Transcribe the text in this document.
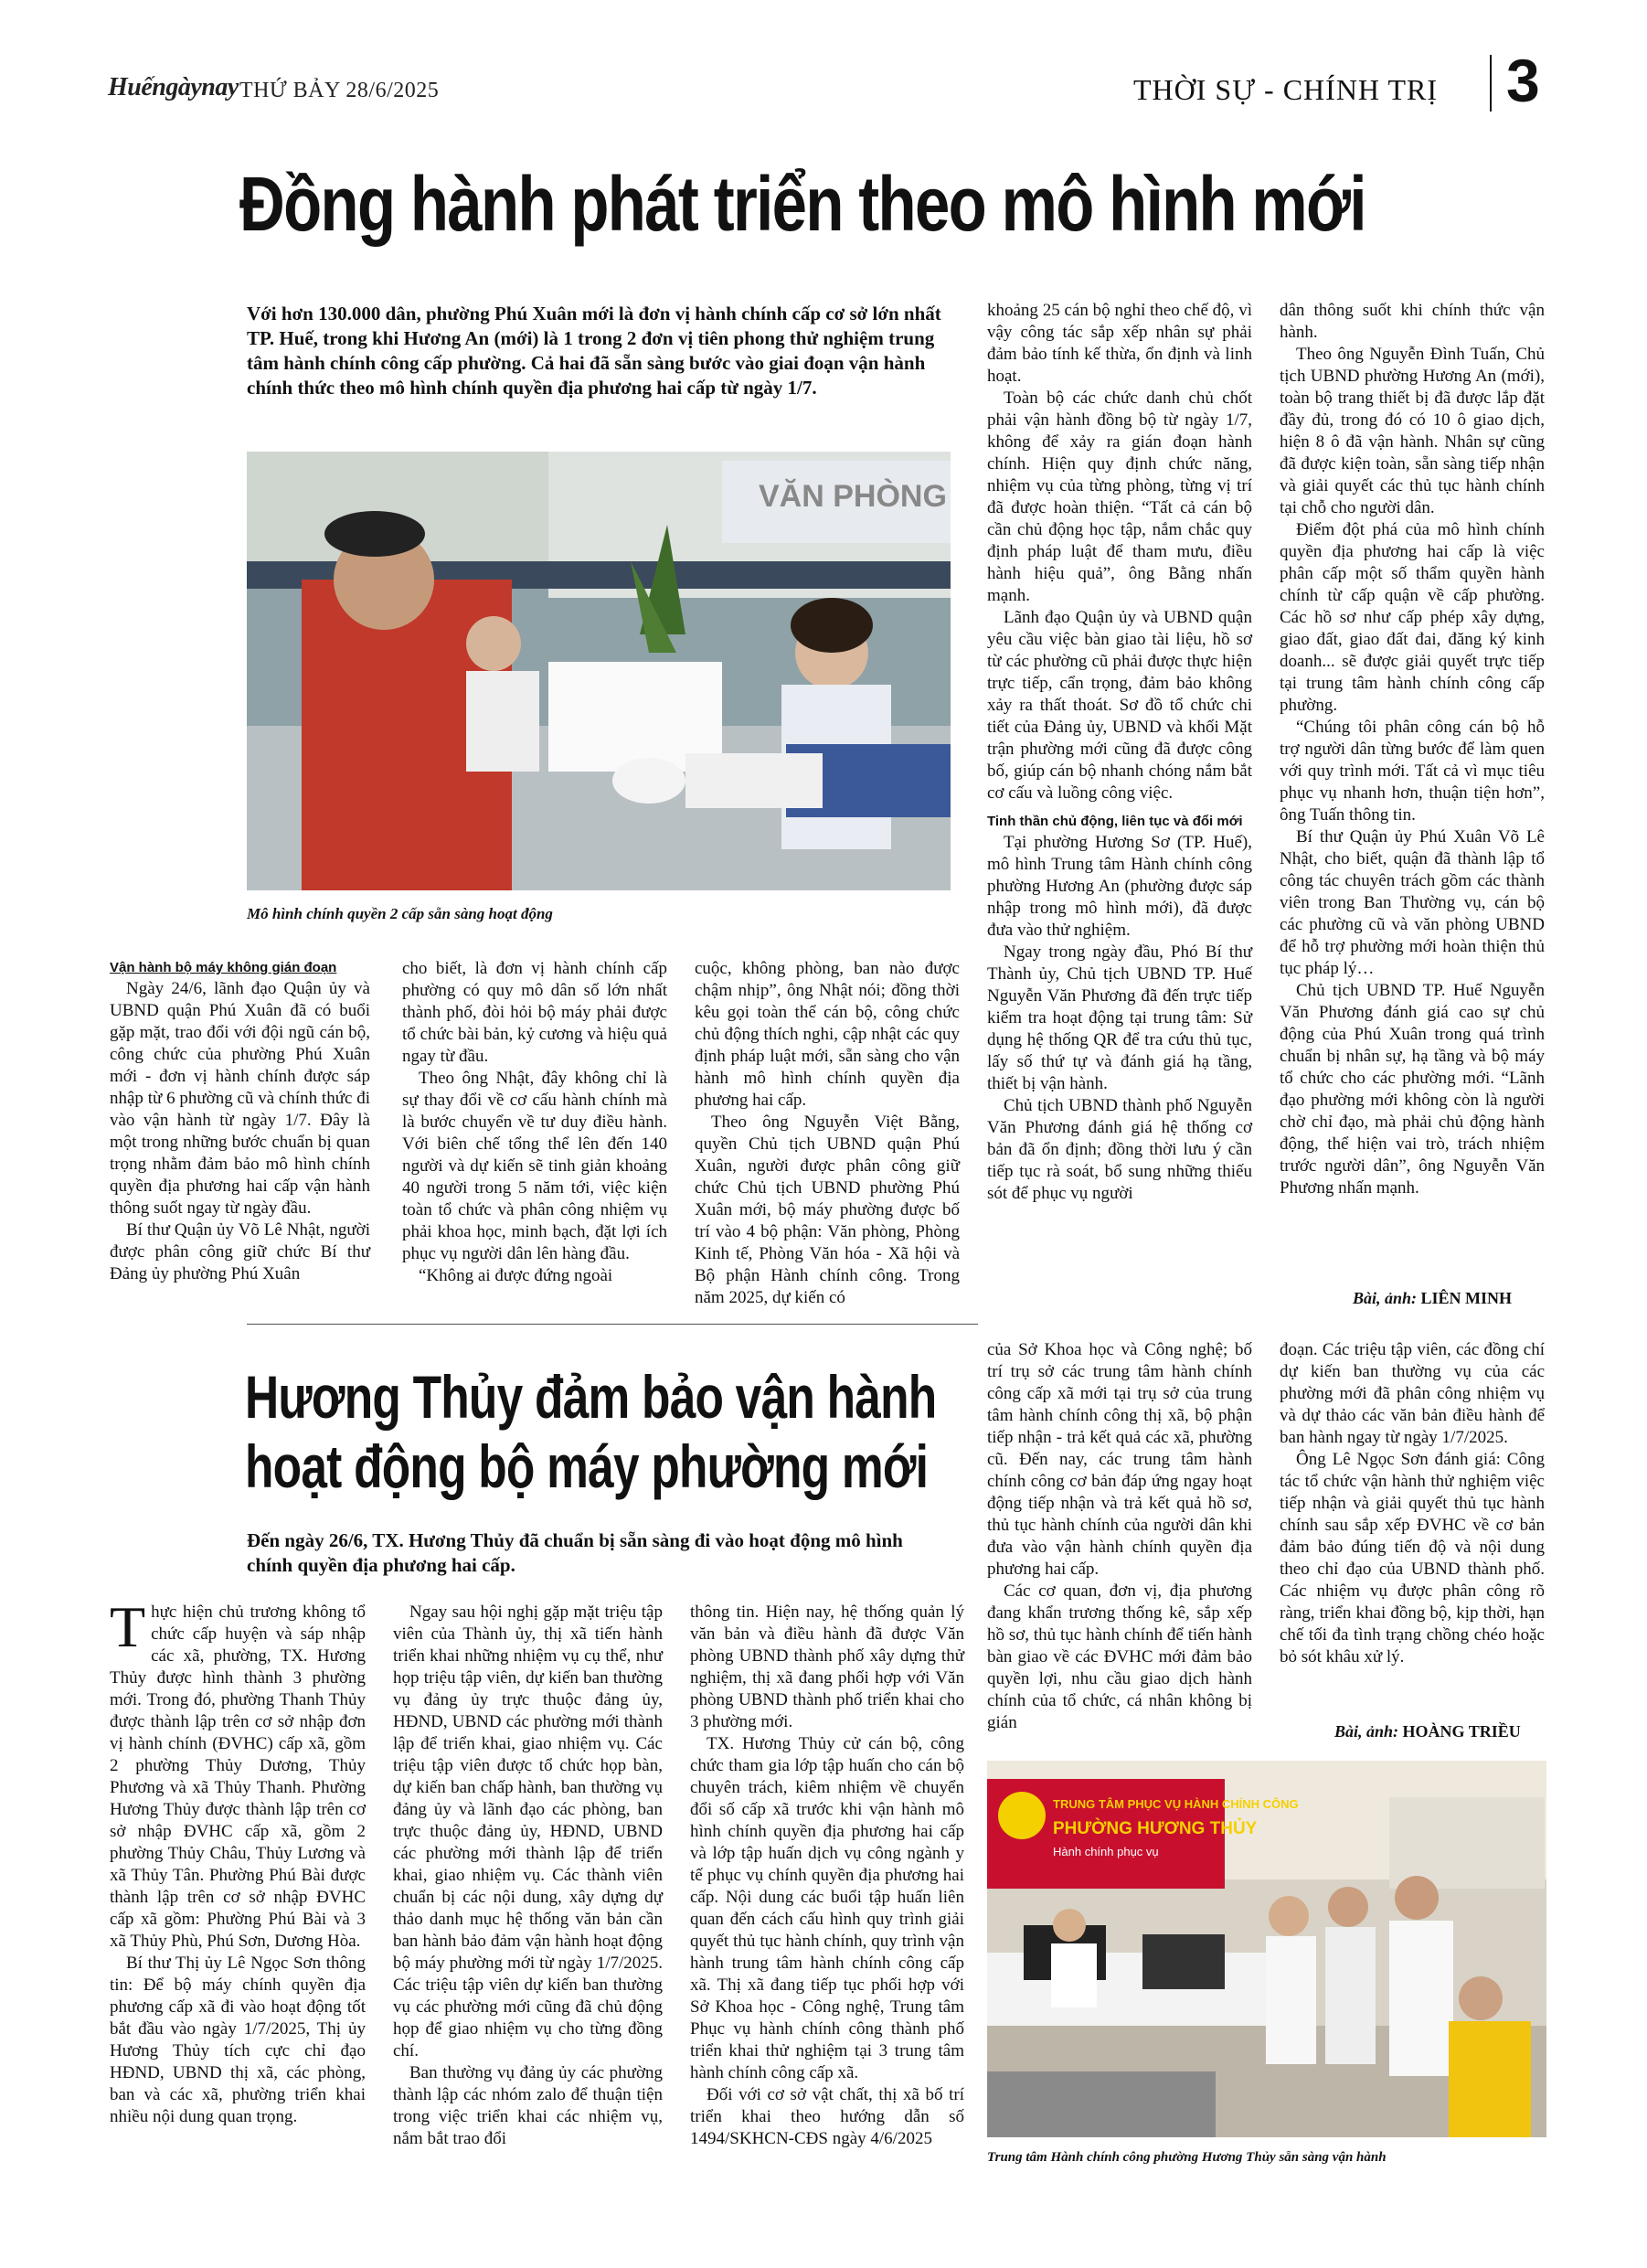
Huếngàynay THỨ BẢY 28/6/2025	THỜI SỰ - CHÍNH TRỊ 3
Đồng hành phát triển theo mô hình mới
Với hơn 130.000 dân, phường Phú Xuân mới là đơn vị hành chính cấp cơ sở lớn nhất TP. Huế, trong khi Hương An (mới) là 1 trong 2 đơn vị tiên phong thử nghiệm trung tâm hành chính công cấp phường. Cả hai đã sẵn sàng bước vào giai đoạn vận hành chính thức theo mô hình chính quyền địa phương hai cấp từ ngày 1/7.
VĂN PHÒNG
Mô hình chính quyền 2 cấp sẵn sàng hoạt động
Vận hành bộ máy không gián đoạn

Ngày 24/6, lãnh đạo Quận ủy và UBND quận Phú Xuân đã có buổi gặp mặt, trao đổi với đội ngũ cán bộ, công chức của phường Phú Xuân mới - đơn vị hành chính được sáp nhập từ 6 phường cũ và chính thức đi vào vận hành từ ngày 1/7. Đây là một trong những bước chuẩn bị quan trọng nhằm đảm bảo mô hình chính quyền địa phương hai cấp vận hành thông suốt ngay từ ngày đầu.

Bí thư Quận ủy Võ Lê Nhật, người được phân công giữ chức Bí thư Đảng ủy phường Phú Xuân

cho biết, là đơn vị hành chính cấp phường có quy mô dân số lớn nhất thành phố, đòi hỏi bộ máy phải được tổ chức bài bản, kỷ cương và hiệu quả ngay từ đầu.

Theo ông Nhật, đây không chỉ là sự thay đổi về cơ cấu hành chính mà là bước chuyển về tư duy điều hành. Với biên chế tổng thể lên đến 140 người và dự kiến sẽ tinh giản khoảng 40 người trong 5 năm tới, việc kiện toàn tổ chức và phân công nhiệm vụ phải khoa học, minh bạch, đặt lợi ích phục vụ người dân lên hàng đầu.

“Không ai được đứng ngoài

cuộc, không phòng, ban nào được chậm nhịp”, ông Nhật nói; đồng thời kêu gọi toàn thể cán bộ, công chức chủ động thích nghi, cập nhật các quy định pháp luật mới, sẵn sàng cho vận hành mô hình chính quyền địa phương hai cấp.

Theo ông Nguyễn Việt Bằng, quyền Chủ tịch UBND quận Phú Xuân, người được phân công giữ chức Chủ tịch UBND phường Phú Xuân mới, bộ máy phường được bố trí vào 4 bộ phận: Văn phòng, Phòng Kinh tế, Phòng Văn hóa - Xã hội và Bộ phận Hành chính công. Trong năm 2025, dự kiến có

khoảng 25 cán bộ nghỉ theo chế độ, vì vậy công tác sắp xếp nhân sự phải đảm bảo tính kế thừa, ổn định và linh hoạt.

Toàn bộ các chức danh chủ chốt phải vận hành đồng bộ từ ngày 1/7, không để xảy ra gián đoạn hành chính. Hiện quy định chức năng, nhiệm vụ của từng phòng, từng vị trí đã được hoàn thiện. “Tất cả cán bộ cần chủ động học tập, nắm chắc quy định pháp luật để tham mưu, điều hành hiệu quả”, ông Bằng nhấn mạnh.

Lãnh đạo Quận ủy và UBND quận yêu cầu việc bàn giao tài liệu, hồ sơ từ các phường cũ phải được thực hiện trực tiếp, cẩn trọng, đảm bảo không xảy ra thất thoát. Sơ đồ tổ chức chi tiết của Đảng ủy, UBND và khối Mặt trận phường mới cũng đã được công bố, giúp cán bộ nhanh chóng nắm bắt cơ cấu và luồng công việc.

Tinh thần chủ động, liên tục và đổi mới

Tại phường Hương Sơ (TP. Huế), mô hình Trung tâm Hành chính công phường Hương An (phường được sáp nhập trong mô hình mới), đã được đưa vào thử nghiệm.

Ngay trong ngày đầu, Phó Bí thư Thành ủy, Chủ tịch UBND TP. Huế Nguyễn Văn Phương đã đến trực tiếp kiểm tra hoạt động tại trung tâm: Sử dụng hệ thống QR để tra cứu thủ tục, lấy số thứ tự và đánh giá hạ tầng, thiết bị vận hành.

Chủ tịch UBND thành phố Nguyễn Văn Phương đánh giá hệ thống cơ bản đã ổn định; đồng thời lưu ý cần tiếp tục rà soát, bổ sung những thiếu sót để phục vụ người

dân thông suốt khi chính thức vận hành.

Theo ông Nguyễn Đình Tuấn, Chủ tịch UBND phường Hương An (mới), toàn bộ trang thiết bị đã được lắp đặt đầy đủ, trong đó có 10 ô giao dịch, hiện 8 ô đã vận hành. Nhân sự cũng đã được kiện toàn, sẵn sàng tiếp nhận và giải quyết các thủ tục hành chính tại chỗ cho người dân.

Điểm đột phá của mô hình chính quyền địa phương hai cấp là việc phân cấp một số thẩm quyền hành chính từ cấp quận về cấp phường. Các hồ sơ như cấp phép xây dựng, giao đất, giao đất đai, đăng ký kinh doanh... sẽ được giải quyết trực tiếp tại trung tâm hành chính công cấp phường.

“Chúng tôi phân công cán bộ hỗ trợ người dân từng bước để làm quen với quy trình mới. Tất cả vì mục tiêu phục vụ nhanh hơn, thuận tiện hơn”, ông Tuấn thông tin.

Bí thư Quận ủy Phú Xuân Võ Lê Nhật, cho biết, quận đã thành lập tổ công tác chuyên trách gồm các thành viên trong Ban Thường vụ, cán bộ các phường cũ và văn phòng UBND để hỗ trợ phường mới hoàn thiện thủ tục pháp lý…

Chủ tịch UBND TP. Huế Nguyễn Văn Phương đánh giá cao sự chủ động của Phú Xuân trong quá trình chuẩn bị nhân sự, hạ tầng và bộ máy tổ chức cho các phường mới. “Lãnh đạo phường mới không còn là người chờ chỉ đạo, mà phải chủ động hành động, thể hiện vai trò, trách nhiệm trước người dân”, ông Nguyễn Văn Phương nhấn mạnh.

Bài, ảnh: LIÊN MINH
Hương Thủy đảm bảo vận hành
hoạt động bộ máy phường mới
Đến ngày 26/6, TX. Hương Thủy đã chuẩn bị sẵn sàng đi vào hoạt động mô hình chính quyền địa phương hai cấp.

Thực hiện chủ trương không tổ chức cấp huyện và sáp nhập các xã, phường, TX. Hương Thủy được hình thành 3 phường mới. Trong đó, phường Thanh Thủy được thành lập trên cơ sở nhập đơn vị hành chính (ĐVHC) cấp xã, gồm 2 phường Thủy Dương, Thủy Phương và xã Thủy Thanh. Phường Hương Thủy được thành lập trên cơ sở nhập ĐVHC cấp xã, gồm 2 phường Thủy Châu, Thủy Lương và xã Thủy Tân. Phường Phú Bài được thành lập trên cơ sở nhập ĐVHC cấp xã gồm: Phường Phú Bài và 3 xã Thủy Phù, Phú Sơn, Dương Hòa.

Bí thư Thị ủy Lê Ngọc Sơn thông tin: Để bộ máy chính quyền địa phương cấp xã đi vào hoạt động tốt bắt đầu vào ngày 1/7/2025, Thị ủy Hương Thủy tích cực chỉ đạo HĐND, UBND thị xã, các phòng, ban và các xã, phường triển khai nhiều nội dung quan trọng.

Ngay sau hội nghị gặp mặt triệu tập viên của Thành ủy, thị xã tiến hành triển khai những nhiệm vụ cụ thể, như họp triệu tập viên, dự kiến ban thường vụ đảng ủy trực thuộc đảng ủy, HĐND, UBND các phường mới thành lập để triển khai, giao nhiệm vụ. Các triệu tập viên được tổ chức họp bàn, dự kiến ban chấp hành, ban thường vụ đảng ủy và lãnh đạo các phòng, ban trực thuộc đảng ủy, HĐND, UBND các phường mới thành lập để triển khai, giao nhiệm vụ. Các thành viên chuẩn bị các nội dung, xây dựng dự thảo danh mục hệ thống văn bản cần ban hành bảo đảm vận hành hoạt động bộ máy phường mới từ ngày 1/7/2025. Các triệu tập viên dự kiến ban thường vụ các phường mới cũng đã chủ động họp để giao nhiệm vụ cho từng đồng chí.

Ban thường vụ đảng ủy các phường thành lập các nhóm zalo để thuận tiện trong việc triển khai các nhiệm vụ, nắm bắt trao đổi

thông tin. Hiện nay, hệ thống quản lý văn bản và điều hành đã được Văn phòng UBND thành phố xây dựng thử nghiệm, thị xã đang phối hợp với Văn phòng UBND thành phố triển khai cho 3 phường mới.

TX. Hương Thủy cử cán bộ, công chức tham gia lớp tập huấn cho cán bộ chuyên trách, kiêm nhiệm về chuyển đổi số cấp xã trước khi vận hành mô hình chính quyền địa phương hai cấp và lớp tập huấn dịch vụ công ngành y tế phục vụ chính quyền địa phương hai cấp. Nội dung các buổi tập huấn liên quan đến cách cấu hình quy trình giải quyết thủ tục hành chính, quy trình vận hành trung tâm hành chính công cấp xã. Thị xã đang tiếp tục phối hợp với Sở Khoa học - Công nghệ, Trung tâm Phục vụ hành chính công thành phố triển khai thử nghiệm tại 3 trung tâm hành chính công cấp xã.

Đối với cơ sở vật chất, thị xã bố trí triển khai theo hướng dẫn số 1494/SKHCN-CĐS ngày 4/6/2025

của Sở Khoa học và Công nghệ; bố trí trụ sở các trung tâm hành chính công cấp xã mới tại trụ sở của trung tâm hành chính công thị xã, bộ phận tiếp nhận - trả kết quả các xã, phường cũ. Đến nay, các trung tâm hành chính công cơ bản đáp ứng ngay hoạt động tiếp nhận và trả kết quả hồ sơ, thủ tục hành chính của người dân khi đưa vào vận hành chính quyền địa phương hai cấp.

Các cơ quan, đơn vị, địa phương đang khẩn trương thống kê, sắp xếp hồ sơ, thủ tục hành chính để tiến hành bàn giao về các ĐVHC mới đảm bảo quyền lợi, nhu cầu giao dịch hành chính của tổ chức, cá nhân không bị gián

đoạn. Các triệu tập viên, các đồng chí dự kiến ban thường vụ của các phường mới đã phân công nhiệm vụ và dự thảo các văn bản điều hành để ban hành ngay từ ngày 1/7/2025.

Ông Lê Ngọc Sơn đánh giá: Công tác tổ chức vận hành thử nghiệm việc tiếp nhận và giải quyết thủ tục hành chính sau sắp xếp ĐVHC về cơ bản đảm bảo đúng tiến độ và nội dung theo chỉ đạo của UBND thành phố. Các nhiệm vụ được phân công rõ ràng, triển khai đồng bộ, kịp thời, hạn chế tối đa tình trạng chồng chéo hoặc bỏ sót khâu xử lý.

Bài, ảnh: HOÀNG TRIỀU
TRUNG TÂM PHỤC VỤ HÀNH CHÍNH CÔNG
PHƯỜNG HƯƠNG THỦY
Hành chính phục vụ
Trung tâm Hành chính công phường Hương Thủy sẵn sàng vận hành
